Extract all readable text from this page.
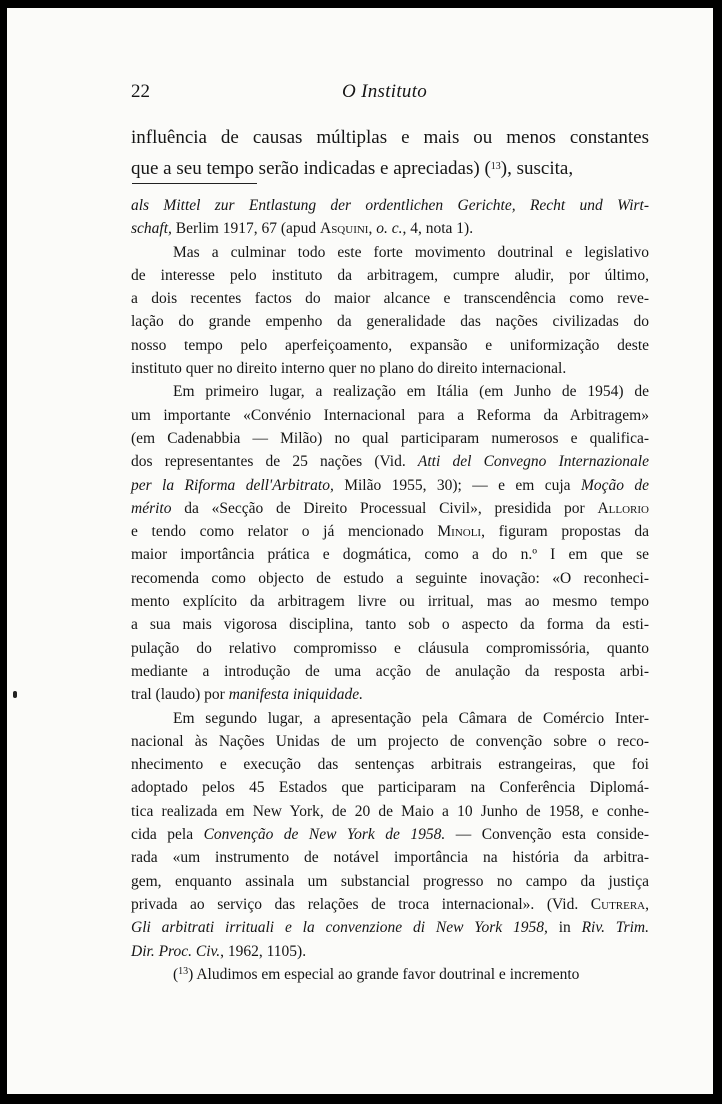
22	O Instituto
influência de causas múltiplas e mais ou menos constantes
que a seu tempo serão indicadas e apreciadas) ($^{13}$), suscita,
als Mittel zur Entlastung der ordentlichen Gerichte, Recht und Wirt-
schaft, Berlim 1917, 67 (apud Asquini, o. c., 4, nota 1).
Mas a culminar todo este forte movimento doutrinal e legislativo
de interesse pelo instituto da arbitragem, cumpre aludir, por último,
a dois recentes factos do maior alcance e transcendência como reve-
lação do grande empenho da generalidade das nações civilizadas do
nosso tempo pelo aperfeiçoamento, expansão e uniformização deste
instituto quer no direito interno quer no plano do direito internacional.
Em primeiro lugar, a realização em Itália (em Junho de 1954) de
um importante «Convénio Internacional para a Reforma da Arbitragem»
(em Cadenabbia — Milão) no qual participaram numerosos e qualifica-
dos representantes de 25 nações (Vid. Atti del Convegno Internazionale
per la Riforma dell'Arbitrato, Milão 1955, 30); — e em cuja Moção de
mérito da «Secção de Direito Processual Civil», presidida por Allorio
e tendo como relator o já mencionado Minoli, figuram propostas da
maior importância prática e dogmática, como a do n.º I em que se
recomenda como objecto de estudo a seguinte inovação: «O reconheci-
mento explícito da arbitragem livre ou irritual, mas ao mesmo tempo
a sua mais vigorosa disciplina, tanto sob o aspecto da forma da esti-
pulação do relativo compromisso e cláusula compromissória, quanto
mediante a introdução de uma acção de anulação da resposta arbi-
tral (laudo) por manifesta iniquidade.
Em segundo lugar, a apresentação pela Câmara de Comércio Inter-
nacional às Nações Unidas de um projecto de convenção sobre o reco-
nhecimento e execução das sentenças arbitrais estrangeiras, que foi
adoptado pelos 45 Estados que participaram na Conferência Diplomá-
tica realizada em New York, de 20 de Maio a 10 Junho de 1958, e conhe-
cida pela Convenção de New York de 1958. — Convenção esta conside-
rada «um instrumento de notável importância na história da arbitra-
gem, enquanto assinala um substancial progresso no campo da justiça
privada ao serviço das relações de troca internacional». (Vid. Cutrera,
Gli arbitrati irrituali e la convenzione di New York 1958, in Riv. Trim.
Dir. Proc. Civ., 1962, 1105).
($^{13}$) Aludimos em especial ao grande favor doutrinal e incremento
